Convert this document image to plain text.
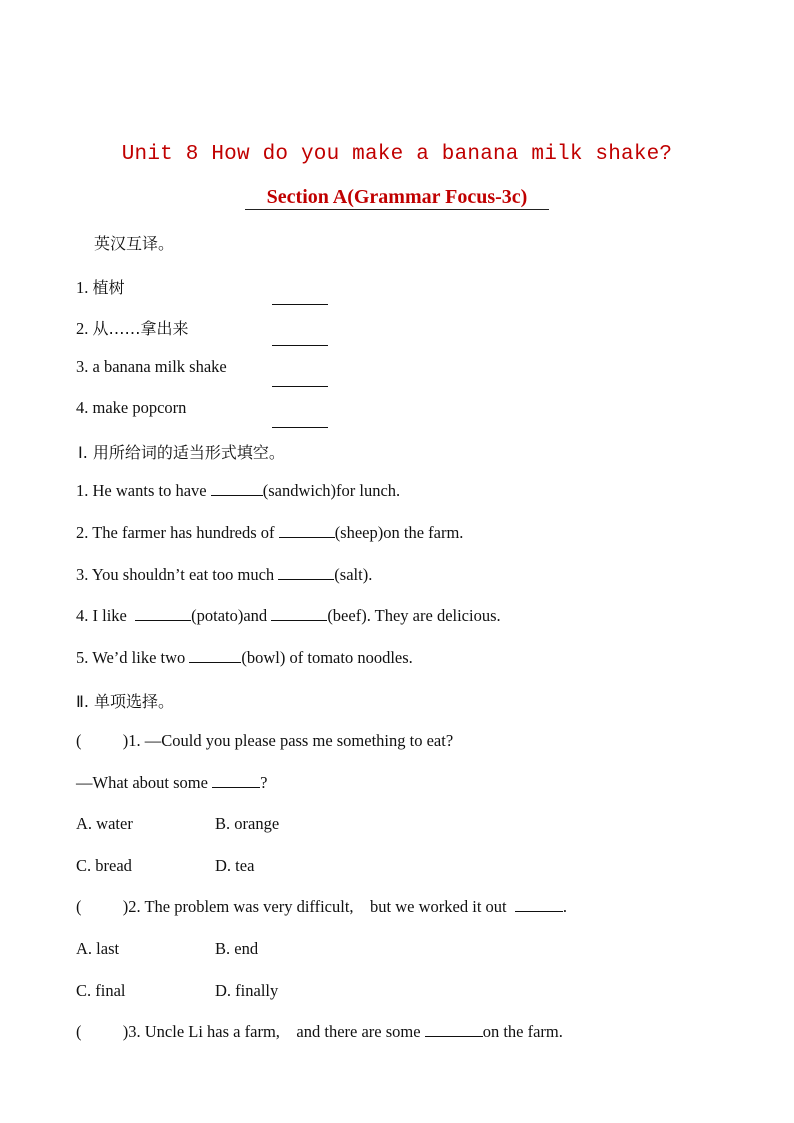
Unit 8 How do you make a banana milk shake?
Section A(Grammar Focus-3c)
英汉互译。
1. 植树
2. 从……拿出来
3. a banana milk shake
4. make popcorn
Ⅰ. 用所给词的适当形式填空。
1. He wants to have	(sandwich)for lunch.
2. The farmer has hundreds of	(sheep)on the farm.
3. You shouldn’t eat too much	(salt).
4. I like	(potato)and	(beef). They are delicious.
5. We’d like two	(bowl) of tomato noodles.
Ⅱ. 单项选择。
(          )1. —Could you please pass me something to eat?
—What about some	?
A. water	B. orange
C. bread	D. tea
(          )2. The problem was very difficult, but we worked it out	.
A. last	B. end
C. final	D. finally
(          )3. Uncle Li has a farm, and there are some	on the farm.
